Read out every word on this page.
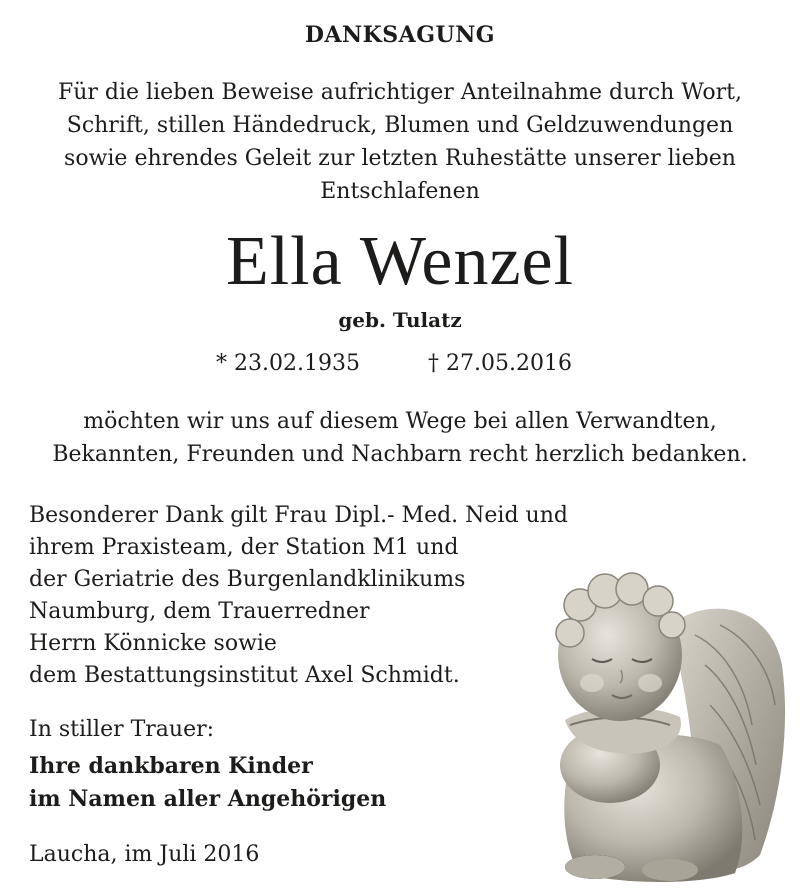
DANKSAGUNG
Für die lieben Beweise aufrichtiger Anteilnahme durch Wort,
Schrift, stillen Händedruck, Blumen und Geldzuwendungen
sowie ehrendes Geleit zur letzten Ruhestätte unserer lieben
Entschlafenen
Ella Wenzel
geb. Tulatz
* 23.02.1935	† 27.05.2016
möchten wir uns auf diesem Wege bei allen Verwandten,
Bekannten, Freunden und Nachbarn recht herzlich bedanken.
Besonderer Dank gilt Frau Dipl.- Med. Neid und
ihrem Praxisteam, der Station M1 und
der Geriatrie des Burgenlandklinikums
Naumburg, dem Trauerredner
Herrn Könnicke sowie
dem Bestattungsinstitut Axel Schmidt.
In stiller Trauer:
Ihre dankbaren Kinder
im Namen aller Angehörigen
Laucha, im Juli 2016
